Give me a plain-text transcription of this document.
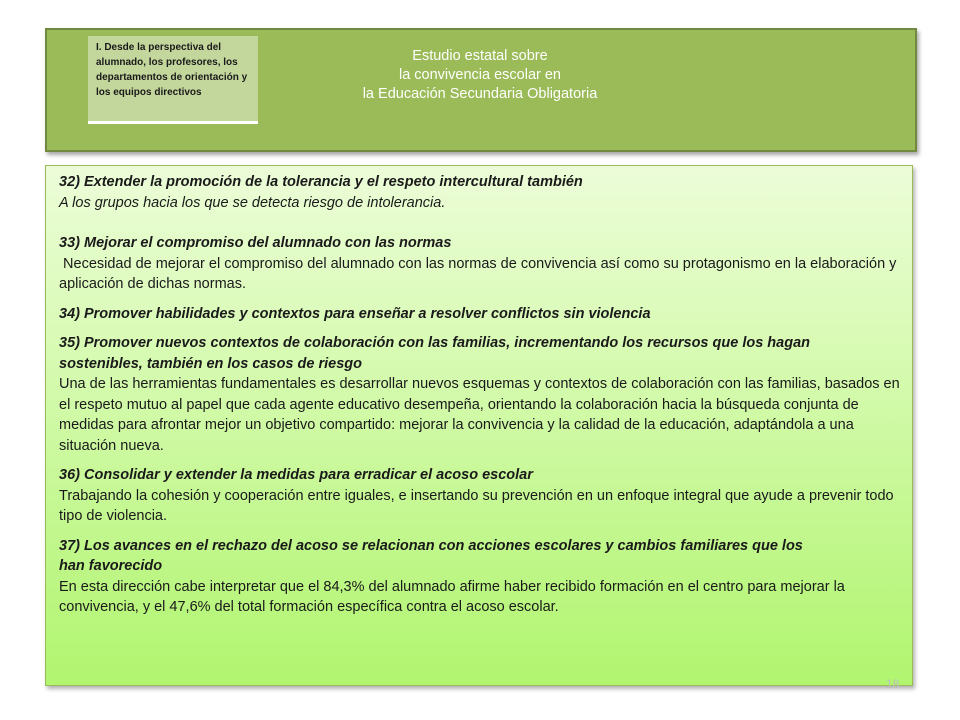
I. Desde la perspectiva del alumnado, los profesores, los departamentos de orientación y los equipos directivos
Estudio estatal sobre
la convivencia escolar en
la Educación Secundaria Obligatoria
32) Extender la promoción de la tolerancia y el respeto intercultural también
A los grupos hacia los que se detecta riesgo de intolerancia.
33) Mejorar el compromiso del alumnado con las normas
Necesidad de mejorar el compromiso del alumnado con las normas de convivencia así como su protagonismo en la elaboración y aplicación de dichas normas.
34) Promover habilidades y contextos para enseñar a resolver conflictos sin violencia
35) Promover nuevos contextos de colaboración con las familias, incrementando los recursos que los hagan sostenibles, también en los casos de riesgo
Una de las herramientas fundamentales es desarrollar nuevos esquemas y contextos de colaboración con las familias, basados en el respeto mutuo al papel que cada agente educativo desempeña, orientando la colaboración hacia la búsqueda conjunta de medidas para afrontar mejor un objetivo compartido: mejorar la convivencia y la calidad de la educación, adaptándola a una situación nueva.
36) Consolidar y extender la medidas para erradicar el acoso escolar
Trabajando la cohesión y cooperación entre iguales, e insertando su prevención en un enfoque integral que ayude a prevenir todo tipo de violencia.
37) Los avances en el rechazo del acoso se relacionan con acciones escolares y cambios familiares que los han favorecido
En esta dirección cabe interpretar que el 84,3% del alumnado afirme haber recibido formación en el centro para mejorar la convivencia, y el 47,6% del total formación específica contra el acoso escolar.
18
